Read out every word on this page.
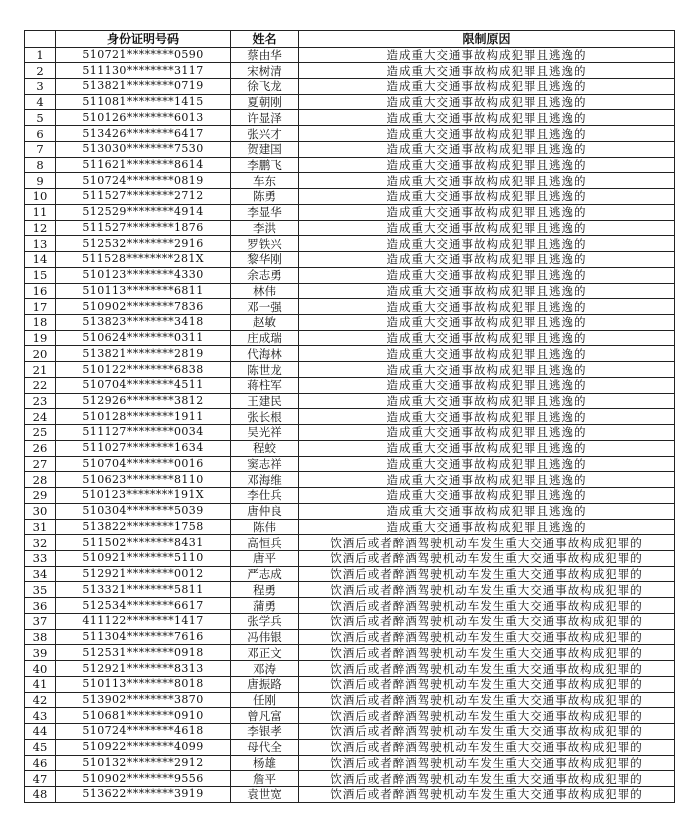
	身份证明号码	姓名	限制原因
1	510721********0590	蔡由华	造成重大交通事故构成犯罪且逃逸的
2	511130********3117	宋树清	造成重大交通事故构成犯罪且逃逸的
3	513821********0719	徐飞龙	造成重大交通事故构成犯罪且逃逸的
4	511081********1415	夏朝刚	造成重大交通事故构成犯罪且逃逸的
5	510126********6013	许显泽	造成重大交通事故构成犯罪且逃逸的
6	513426********6417	张兴才	造成重大交通事故构成犯罪且逃逸的
7	513030********7530	贺建国	造成重大交通事故构成犯罪且逃逸的
8	511621********8614	李鹏飞	造成重大交通事故构成犯罪且逃逸的
9	510724********0819	车东	造成重大交通事故构成犯罪且逃逸的
10	511527********2712	陈勇	造成重大交通事故构成犯罪且逃逸的
11	512529********4914	李显华	造成重大交通事故构成犯罪且逃逸的
12	511527********1876	李洪	造成重大交通事故构成犯罪且逃逸的
13	512532********2916	罗铁兴	造成重大交通事故构成犯罪且逃逸的
14	511528********281X	黎华刚	造成重大交通事故构成犯罪且逃逸的
15	510123********4330	余志勇	造成重大交通事故构成犯罪且逃逸的
16	510113********6811	林伟	造成重大交通事故构成犯罪且逃逸的
17	510902********7836	邓一强	造成重大交通事故构成犯罪且逃逸的
18	513823********3418	赵敏	造成重大交通事故构成犯罪且逃逸的
19	510624********0311	庄成瑞	造成重大交通事故构成犯罪且逃逸的
20	513821********2819	代海林	造成重大交通事故构成犯罪且逃逸的
21	510122********6838	陈世龙	造成重大交通事故构成犯罪且逃逸的
22	510704********4511	蒋柱军	造成重大交通事故构成犯罪且逃逸的
23	512926********3812	王建民	造成重大交通事故构成犯罪且逃逸的
24	510128********1911	张长根	造成重大交通事故构成犯罪且逃逸的
25	511127********0034	吴光祥	造成重大交通事故构成犯罪且逃逸的
26	511027********1634	程蛟	造成重大交通事故构成犯罪且逃逸的
27	510704********0016	窦志祥	造成重大交通事故构成犯罪且逃逸的
28	510623********8110	邓海维	造成重大交通事故构成犯罪且逃逸的
29	510123********191X	李仕兵	造成重大交通事故构成犯罪且逃逸的
30	510304********5039	唐仲良	造成重大交通事故构成犯罪且逃逸的
31	513822********1758	陈伟	造成重大交通事故构成犯罪且逃逸的
32	511502********8431	高恒兵	饮酒后或者醉酒驾驶机动车发生重大交通事故构成犯罪的
33	510921********5110	唐平	饮酒后或者醉酒驾驶机动车发生重大交通事故构成犯罪的
34	512921********0012	严志成	饮酒后或者醉酒驾驶机动车发生重大交通事故构成犯罪的
35	513321********5811	程勇	饮酒后或者醉酒驾驶机动车发生重大交通事故构成犯罪的
36	512534********6617	蒲勇	饮酒后或者醉酒驾驶机动车发生重大交通事故构成犯罪的
37	411122********1417	张学兵	饮酒后或者醉酒驾驶机动车发生重大交通事故构成犯罪的
38	511304********7616	冯伟银	饮酒后或者醉酒驾驶机动车发生重大交通事故构成犯罪的
39	512531********0918	邓正文	饮酒后或者醉酒驾驶机动车发生重大交通事故构成犯罪的
40	512921********8313	邓涛	饮酒后或者醉酒驾驶机动车发生重大交通事故构成犯罪的
41	510113********8018	唐振路	饮酒后或者醉酒驾驶机动车发生重大交通事故构成犯罪的
42	513902********3870	任刚	饮酒后或者醉酒驾驶机动车发生重大交通事故构成犯罪的
43	510681********0910	曾凡富	饮酒后或者醉酒驾驶机动车发生重大交通事故构成犯罪的
44	510724********4618	李银孝	饮酒后或者醉酒驾驶机动车发生重大交通事故构成犯罪的
45	510922********4099	母代全	饮酒后或者醉酒驾驶机动车发生重大交通事故构成犯罪的
46	510132********2912	杨雄	饮酒后或者醉酒驾驶机动车发生重大交通事故构成犯罪的
47	510902********9556	詹平	饮酒后或者醉酒驾驶机动车发生重大交通事故构成犯罪的
48	513622********3919	袁世宽	饮酒后或者醉酒驾驶机动车发生重大交通事故构成犯罪的
